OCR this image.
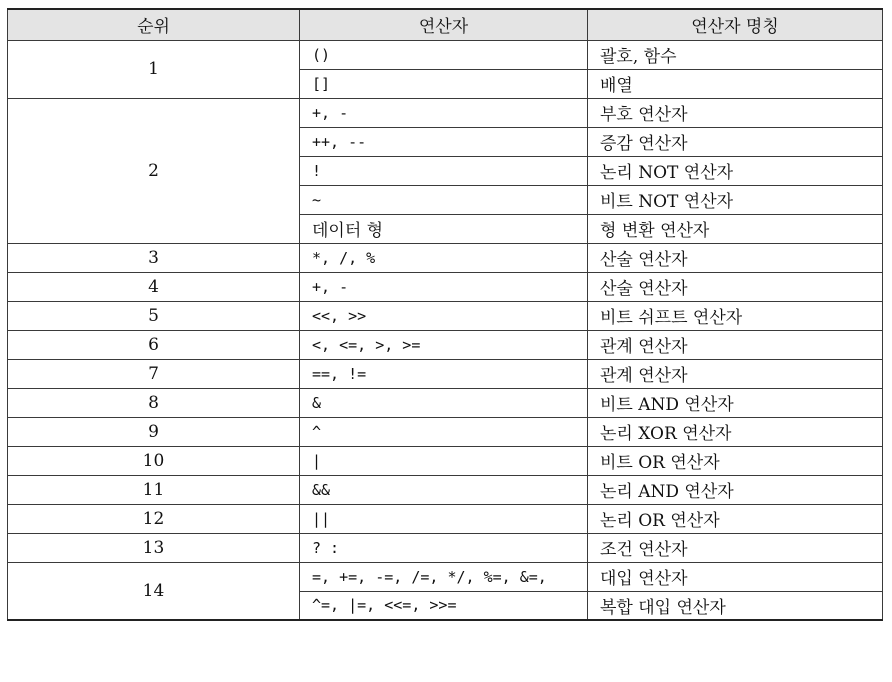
순위	연산자	연산자 명칭
1	()	괄호, 함수
	[]	배열
2	+, -	부호 연산자
	++, --	증감 연산자
	!	논리 NOT 연산자
	~	비트 NOT 연산자
	데이터 형	형 변환 연산자
3	*, /, %	산술 연산자
4	+, -	산술 연산자
5	<<, >>	비트 쉬프트 연산자
6	<, <=, >, >=	관계 연산자
7	==, !=	관계 연산자
8	&	비트 AND 연산자
9	^	논리 XOR 연산자
10	|	비트 OR 연산자
11	&&	논리 AND 연산자
12	||	논리 OR 연산자
13	? :	조건 연산자
14	=, +=, -=, /=, */, %=, &=,	대입 연산자
	^=, |=, <<=, >>=	복합 대입 연산자
